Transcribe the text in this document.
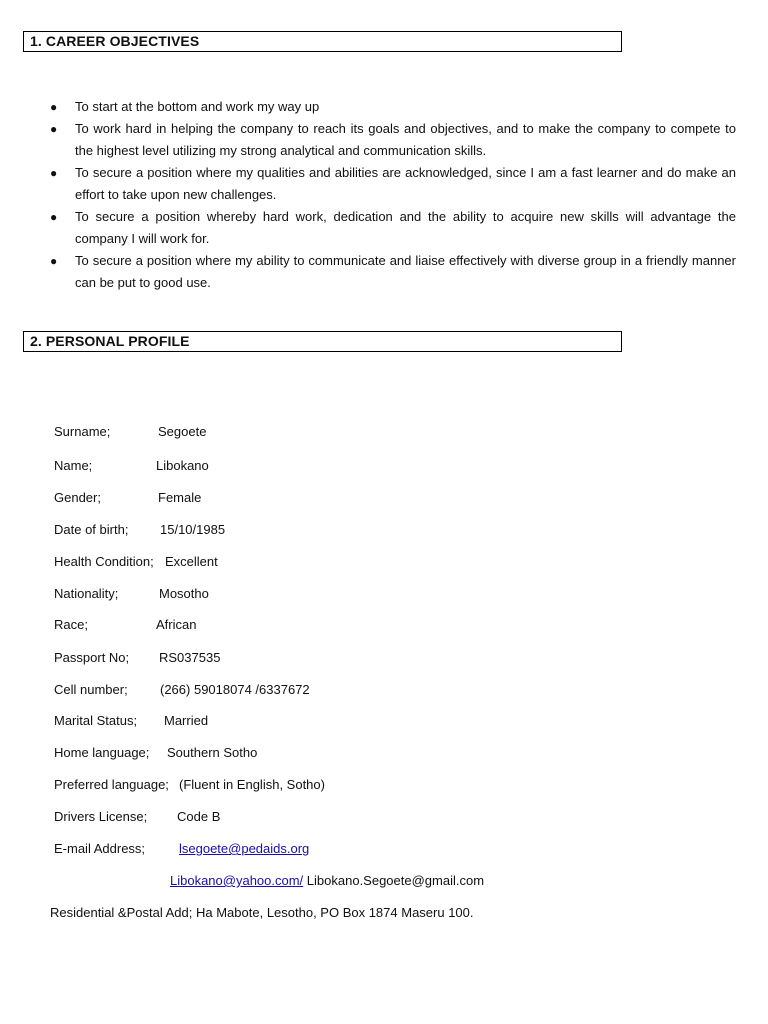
1. CAREER OBJECTIVES
●	To start at the bottom and work my way up
●	To work hard in helping the company to reach its goals and objectives, and to make the company to compete to the highest level utilizing my strong analytical and communication skills.
●	To secure a position where my qualities and abilities are acknowledged, since I am a fast learner and do make an effort to take upon new challenges.
●	To secure a position whereby hard work, dedication and the ability to acquire new skills will advantage the company I will work for.
●	To secure a position where my ability to communicate and liaise effectively with diverse group in a friendly manner can be put to good use.
2. PERSONAL PROFILE
Surname;	Segoete
Name;	Libokano
Gender;	Female
Date of birth; 15/10/1985
Health Condition; Excellent
Nationality;	Mosotho
Race;	African
Passport No; RS037535
Cell number; (266) 59018074 /6337672
Marital Status; Married
Home language; Southern Sotho
Preferred language; (Fluent in English, Sotho)
Drivers License; Code B
E-mail Address;	lsegoete@pedaids.org
Libokano@yahoo.com/ Libokano.Segoete@gmail.com
Residential &Postal Add; Ha Mabote, Lesotho, PO Box 1874 Maseru 100.
